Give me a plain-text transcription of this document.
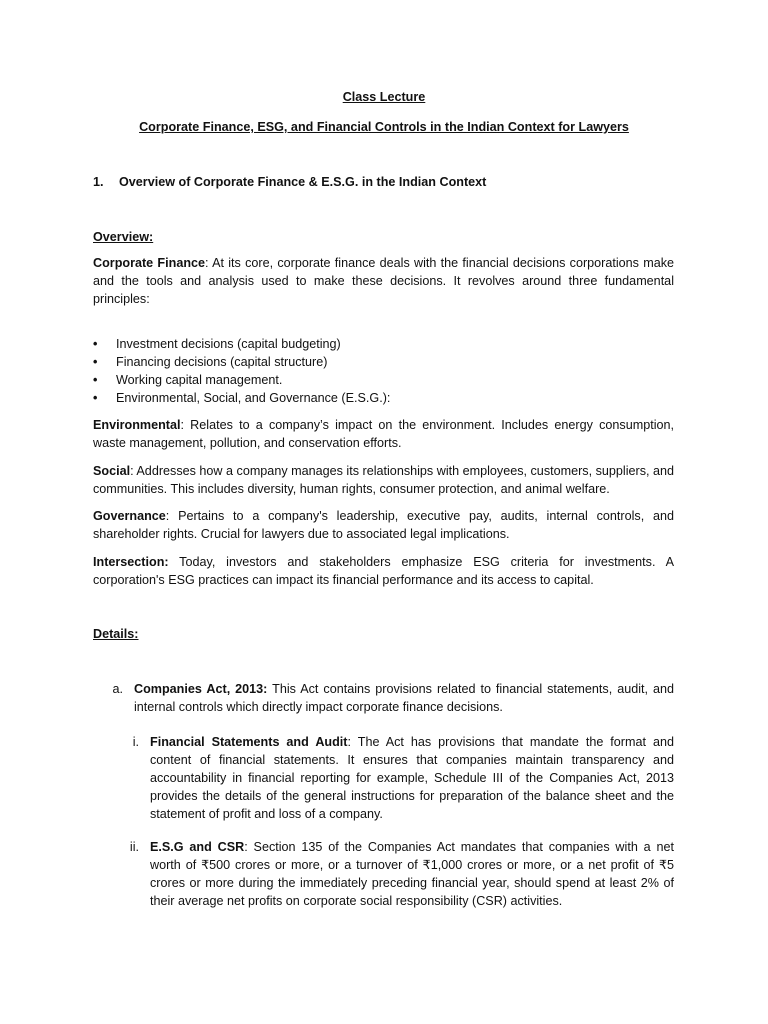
Class Lecture
Corporate Finance, ESG, and Financial Controls in the Indian Context for Lawyers
1. Overview of Corporate Finance & E.S.G. in the Indian Context
Overview:

Corporate Finance: At its core, corporate finance deals with the financial decisions corporations make and the tools and analysis used to make these decisions. It revolves around three fundamental principles:

• Investment decisions (capital budgeting)
• Financing decisions (capital structure)
• Working capital management.
• Environmental, Social, and Governance (E.S.G.):

Environmental: Relates to a company’s impact on the environment. Includes energy consumption, waste management, pollution, and conservation efforts.

Social: Addresses how a company manages its relationships with employees, customers, suppliers, and communities. This includes diversity, human rights, consumer protection, and animal welfare.

Governance: Pertains to a company's leadership, executive pay, audits, internal controls, and shareholder rights. Crucial for lawyers due to associated legal implications.

Intersection: Today, investors and stakeholders emphasize ESG criteria for investments. A corporation's ESG practices can impact its financial performance and its access to capital.

Details:
a. Companies Act, 2013: This Act contains provisions related to financial statements, audit, and internal controls which directly impact corporate finance decisions.

i. Financial Statements and Audit: The Act has provisions that mandate the format and content of financial statements. It ensures that companies maintain transparency and accountability in financial reporting for example, Schedule III of the Companies Act, 2013 provides the details of the general instructions for preparation of the balance sheet and the statement of profit and loss of a company.

ii. E.S.G and CSR: Section 135 of the Companies Act mandates that companies with a net worth of ₹500 crores or more, or a turnover of ₹1,000 crores or more, or a net profit of ₹5 crores or more during the immediately preceding financial year, should spend at least 2% of their average net profits on corporate social responsibility (CSR) activities.
